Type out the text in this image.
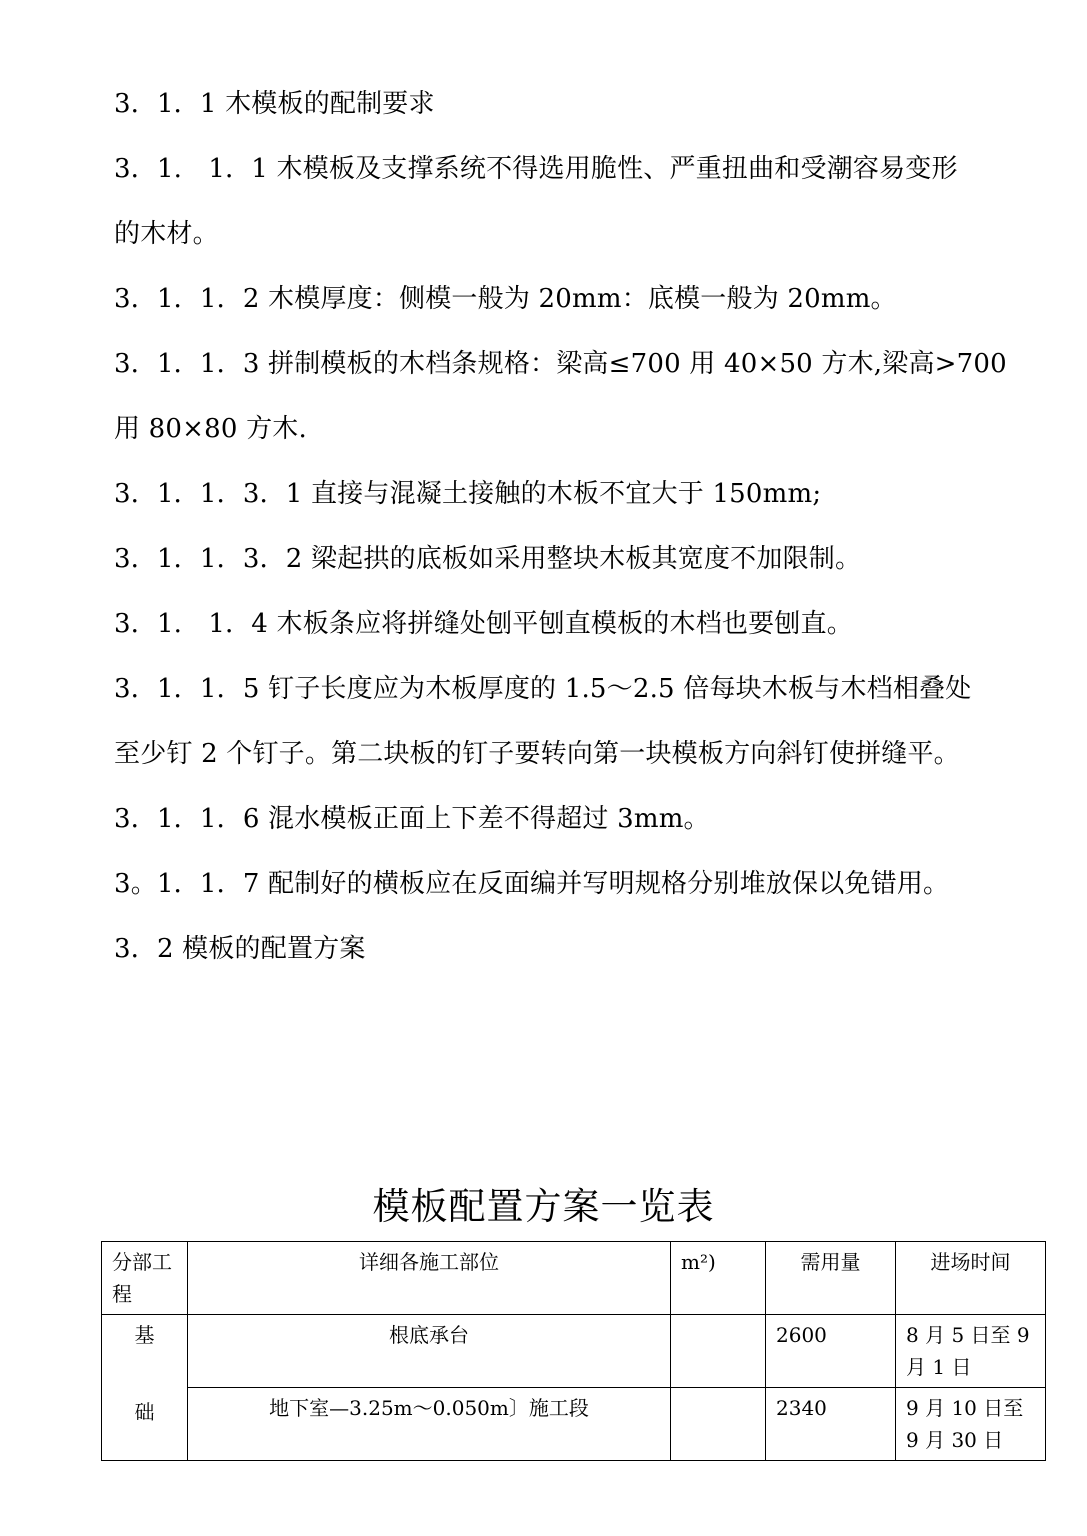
3．1．1 木模板的配制要求
3．1.　1．1 木模板及支撑系统不得选用脆性、严重扭曲和受潮容易变形
的木材。
3．1．1．2 木模厚度：侧模一般为 20mm：底模一般为 20mm。
3．1．1．3 拼制模板的木档条规格：梁高≤700 用 40×50 方木,梁高>700
用 80×80 方木.
3．1．1．3．1 直接与混凝土接触的木板不宜大于 150mm;
3．1．1．3．2 梁起拱的底板如采用整块木板其宽度不加限制。
3．1.　1．4 木板条应将拼缝处刨平刨直模板的木档也要刨直。
3．1．1．5 钉子长度应为木板厚度的 1.5～2.5 倍每块木板与木档相叠处
至少钉 2 个钉子。第二块板的钉子要转向第一块模板方向斜钉使拼缝平。
3．1．1．6 混水模板正面上下差不得超过 3mm。
3。1．1．7 配制好的横板应在反面编并写明规格分别堆放保以免错用。
3．2 模板的配置方案
模板配置方案一览表
分部工程	详细各施工部位	m²)	需用量	进场时间
基	根底承台		2600	8 月 5 日至 9 月 1 日
础	地下室—3.25m～0.050m〕施工段		2340	9 月 10 日至 9 月 30 日
